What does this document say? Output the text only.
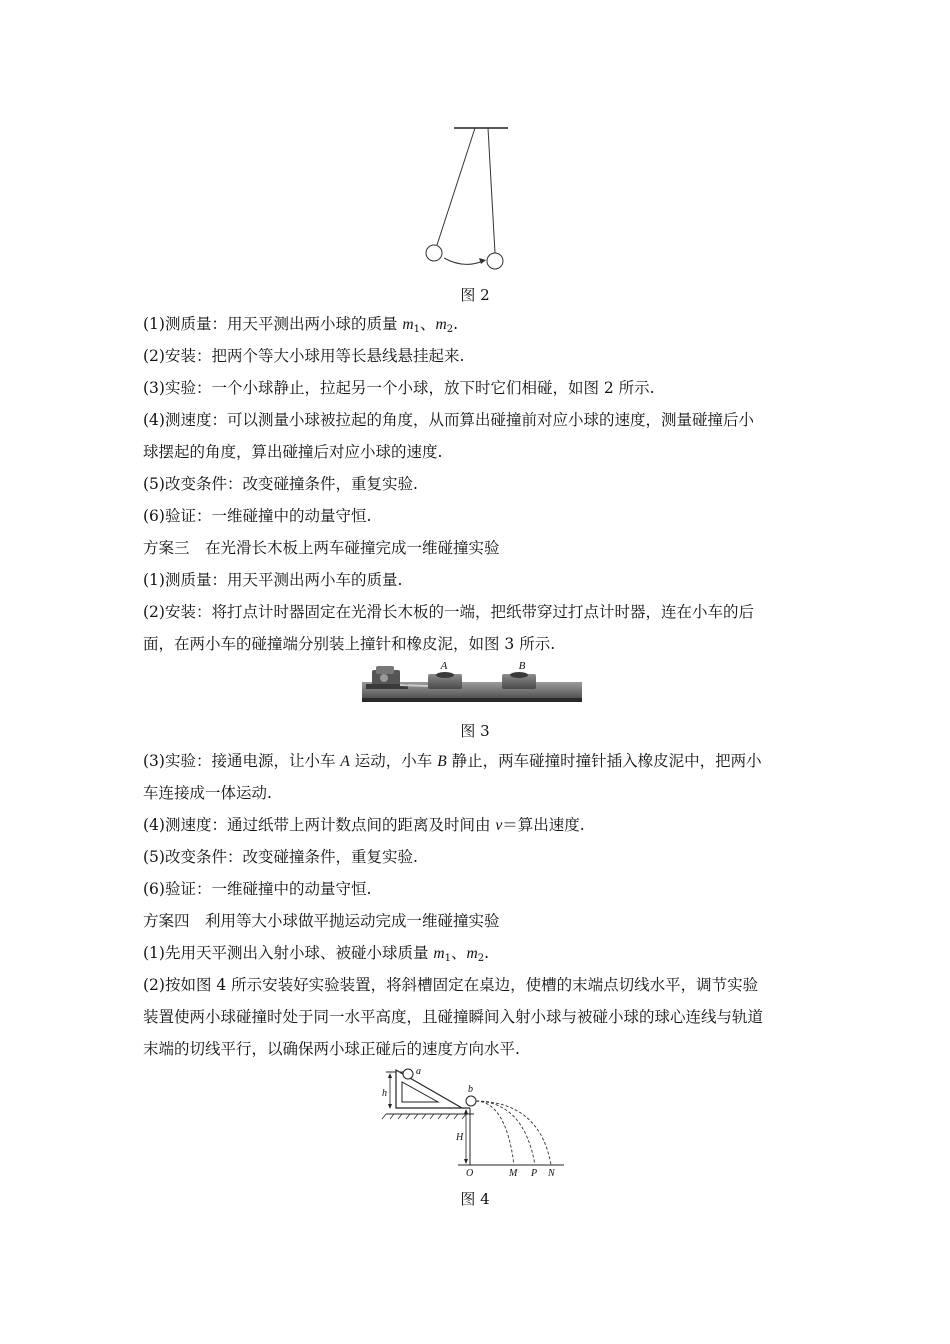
图 2
(1)测质量：用天平测出两小球的质量 $m_1$、$m_2$.
(2)安装：把两个等大小球用等长悬线悬挂起来.
(3)实验：一个小球静止，拉起另一个小球，放下时它们相碰，如图 2 所示.
(4)测速度：可以测量小球被拉起的角度，从而算出碰撞前对应小球的速度，测量碰撞后小
球摆起的角度，算出碰撞后对应小球的速度.
(5)改变条件：改变碰撞条件，重复实验.
(6)验证：一维碰撞中的动量守恒.
方案三　在光滑长木板上两车碰撞完成一维碰撞实验
(1)测质量：用天平测出两小车的质量.
(2)安装：将打点计时器固定在光滑长木板的一端，把纸带穿过打点计时器，连在小车的后
面，在两小车的碰撞端分别装上撞针和橡皮泥，如图 3 所示.
A	B
图 3
(3)实验：接通电源，让小车 A 运动，小车 B 静止，两车碰撞时撞针插入橡皮泥中，把两小
车连接成一体运动.
(4)测速度：通过纸带上两计数点间的距离及时间由 v＝算出速度.
(5)改变条件：改变碰撞条件，重复实验.
(6)验证：一维碰撞中的动量守恒.
方案四　利用等大小球做平抛运动完成一维碰撞实验
(1)先用天平测出入射小球、被碰小球质量 $m_1$、$m_2$.
(2)按如图 4 所示安装好实验装置，将斜槽固定在桌边，使槽的末端点切线水平，调节实验
装置使两小球碰撞时处于同一水平高度，且碰撞瞬间入射小球与被碰小球的球心连线与轨道
末端的切线平行，以确保两小球正碰后的速度方向水平.
a
b
h
H
O	M P N
图 4
